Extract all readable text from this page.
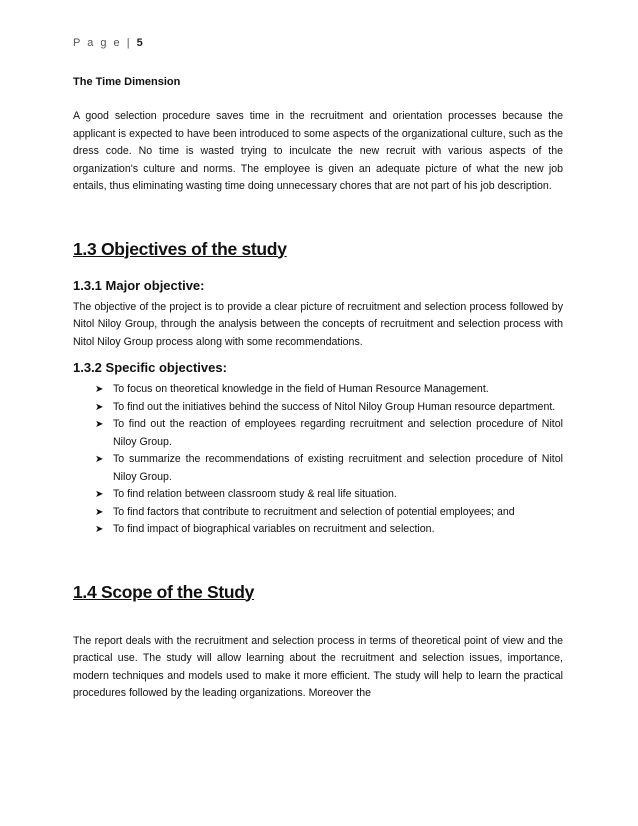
P a g e | 5
The Time Dimension

A good selection procedure saves time in the recruitment and orientation processes because the applicant is expected to have been introduced to some aspects of the organizational culture, such as the dress code. No time is wasted trying to inculcate the new recruit with various aspects of the organization's culture and norms. The employee is given an adequate picture of what the new job entails, thus eliminating wasting time doing unnecessary chores that are not part of his job description.

1.3 Objectives of the study
1.3.1 Major objective:

The objective of the project is to provide a clear picture of recruitment and selection process followed by Nitol Niloy Group, through the analysis between the concepts of recruitment and selection process with Nitol Niloy Group process along with some recommendations.

1.3.2 Specific objectives:
➤ To focus on theoretical knowledge in the field of Human Resource Management.
➤ To find out the initiatives behind the success of Nitol Niloy Group Human resource department.
➤ To find out the reaction of employees regarding recruitment and selection procedure of Nitol Niloy Group.
➤ To summarize the recommendations of existing recruitment and selection procedure of Nitol Niloy Group.
➤ To find relation between classroom study & real life situation.
➤ To find factors that contribute to recruitment and selection of potential employees; and
➤ To find impact of biographical variables on recruitment and selection.
1.4 Scope of the Study

The report deals with the recruitment and selection process in terms of theoretical point of view and the practical use. The study will allow learning about the recruitment and selection issues, importance, modern techniques and models used to make it more efficient. The study will help to learn the practical procedures followed by the leading organizations. Moreover the
